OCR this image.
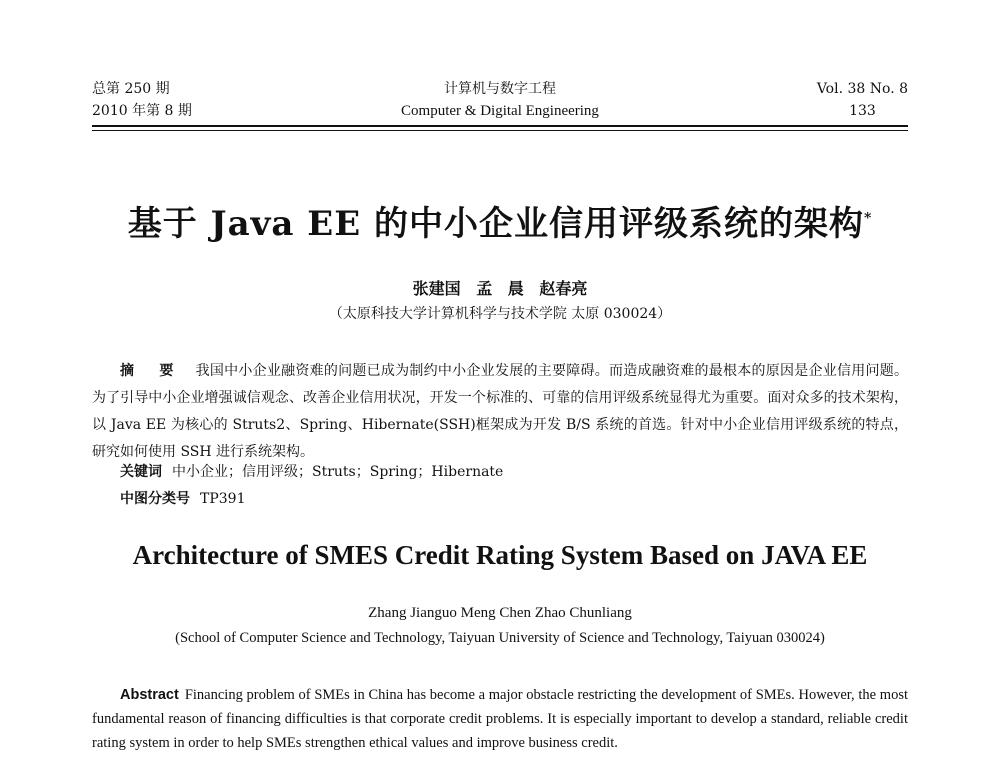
总第 250 期
2010 年第 8 期
计算机与数字工程
Computer & Digital Engineering
Vol. 38 No. 8
133
基于 Java EE 的中小企业信用评级系统的架构*
张建国 孟 晨 赵春亮
（太原科技大学计算机科学与技术学院 太原 030024）
摘 要 我国中小企业融资难的问题已成为制约中小企业发展的主要障碍。而造成融资难的最根本的原因是企业信用问题。为了引导中小企业增强诚信观念、改善企业信用状况，开发一个标准的、可靠的信用评级系统显得尤为重要。面对众多的技术架构，以 Java EE 为核心的 Struts2、Spring、Hibernate(SSH)框架成为开发 B/S 系统的首选。针对中小企业信用评级系统的特点，研究如何使用 SSH 进行系统架构。
关键词 中小企业；信用评级；Struts；Spring；Hibernate
中图分类号 TP391
Architecture of SMES Credit Rating System Based on JAVA EE
Zhang Jianguo Meng Chen Zhao Chunliang
(School of Computer Science and Technology, Taiyuan University of Science and Technology, Taiyuan 030024)
Abstract Financing problem of SMEs in China has become a major obstacle restricting the development of SMEs. However, the most fundamental reason of financing difficulties is that corporate credit problems. It is especially important to develop a standard, reliable credit rating system in order to help SMEs strengthen ethical values and improve business credit.
